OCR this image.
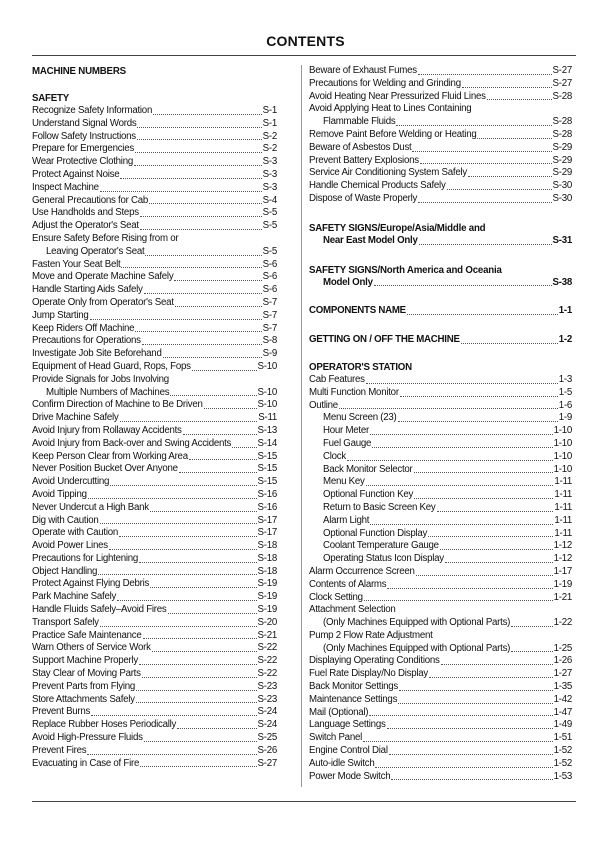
CONTENTS
MACHINE NUMBERS
SAFETY
Recognize Safety Information	S-1
Understand Signal Words	S-1
Follow Safety Instructions	S-2
Prepare for Emergencies	S-2
Wear Protective Clothing	S-3
Protect Against Noise	S-3
Inspect Machine	S-3
General Precautions for Cab	S-4
Use Handholds and Steps	S-5
Adjust the Operator's Seat	S-5
Ensure Safety Before Rising from or
Leaving Operator's Seat	S-5
Fasten Your Seat Belt	S-6
Move and Operate Machine Safely	S-6
Handle Starting Aids Safely	S-6
Operate Only from Operator's Seat	S-7
Jump Starting	S-7
Keep Riders Off Machine	S-7
Precautions for Operations	S-8
Investigate Job Site Beforehand	S-9
Equipment of Head Guard, Rops, Fops	S-10
Provide Signals for Jobs Involving
Multiple Numbers of Machines	S-10
Confirm Direction of Machine to Be Driven	S-10
Drive Machine Safely	S-11
Avoid Injury from Rollaway Accidents	S-13
Avoid Injury from Back-over and Swing Accidents	S-14
Keep Person Clear from Working Area	S-15
Never Position Bucket Over Anyone	S-15
Avoid Undercutting	S-15
Avoid Tipping	S-16
Never Undercut a High Bank	S-16
Dig with Caution	S-17
Operate with Caution	S-17
Avoid Power Lines	S-18
Precautions for Lightening	S-18
Object Handling	S-18
Protect Against Flying Debris	S-19
Park Machine Safely	S-19
Handle Fluids Safely–Avoid Fires	S-19
Transport Safely	S-20
Practice Safe Maintenance	S-21
Warn Others of Service Work	S-22
Support Machine Properly	S-22
Stay Clear of Moving Parts	S-22
Prevent Parts from Flying	S-23
Store Attachments Safely	S-23
Prevent Burns	S-24
Replace Rubber Hoses Periodically	S-24
Avoid High-Pressure Fluids	S-25
Prevent Fires	S-26
Evacuating in Case of Fire	S-27
Beware of Exhaust Fumes	S-27
Precautions for Welding and Grinding	S-27
Avoid Heating Near Pressurized Fluid Lines	S-28
Avoid Applying Heat to Lines Containing
Flammable Fluids	S-28
Remove Paint Before Welding or Heating	S-28
Beware of Asbestos Dust	S-29
Prevent Battery Explosions	S-29
Service Air Conditioning System Safely	S-29
Handle Chemical Products Safely	S-30
Dispose of Waste Properly	S-30
SAFETY SIGNS/Europe/Asia/Middle and
Near East Model Only	S-31
SAFETY SIGNS/North America and Oceania
Model Only	S-38
COMPONENTS NAME	1-1
GETTING ON / OFF THE MACHINE	1-2
OPERATOR'S STATION
Cab Features	1-3
Multi Function Monitor	1-5
Outline	1-6
Menu Screen (23)	1-9
Hour Meter	1-10
Fuel Gauge	1-10
Clock	1-10
Back Monitor Selector	1-10
Menu Key	1-11
Optional Function Key	1-11
Return to Basic Screen Key	1-11
Alarm Light	1-11
Optional Function Display	1-11
Coolant Temperature Gauge	1-12
Operating Status Icon Display	1-12
Alarm Occurrence Screen	1-17
Contents of Alarms	1-19
Clock Setting	1-21
Attachment Selection
(Only Machines Equipped with Optional Parts)	1-22
Pump 2 Flow Rate Adjustment
(Only Machines Equipped with Optional Parts)	1-25
Displaying Operating Conditions	1-26
Fuel Rate Display/No Display	1-27
Back Monitor Settings	1-35
Maintenance Settings	1-42
Mail (Optional)	1-47
Language Settings	1-49
Switch Panel	1-51
Engine Control Dial	1-52
Auto-idle Switch	1-52
Power Mode Switch	1-53
